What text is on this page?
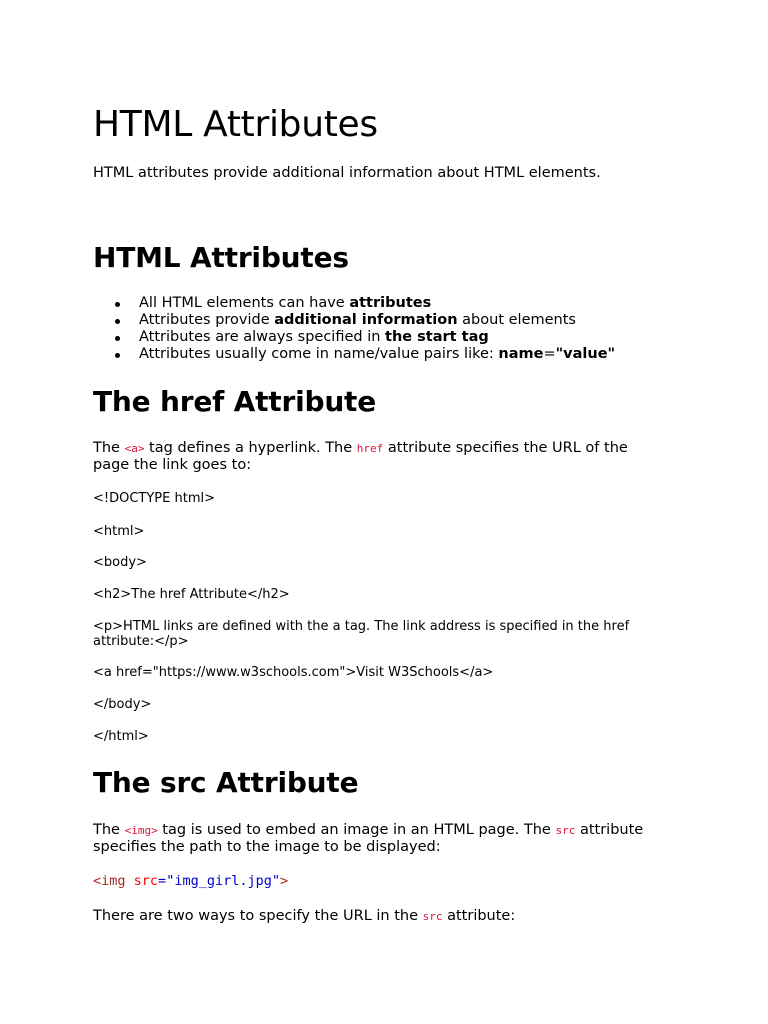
HTML Attributes
HTML attributes provide additional information about HTML elements.
HTML Attributes
All HTML elements can have attributes
Attributes provide additional information about elements
Attributes are always specified in the start tag
Attributes usually come in name/value pairs like: name="value"
The href Attribute
The <a> tag defines a hyperlink. The href attribute specifies the URL of the
page the link goes to:
<!DOCTYPE html>
<html>
<body>
<h2>The href Attribute</h2>
<p>HTML links are defined with the a tag. The link address is specified in the href
attribute:</p>
<a href="https://www.w3schools.com">Visit W3Schools</a>
</body>
</html>
The src Attribute
The <img> tag is used to embed an image in an HTML page. The src attribute
specifies the path to the image to be displayed:
<img src="img_girl.jpg">
There are two ways to specify the URL in the src attribute:
